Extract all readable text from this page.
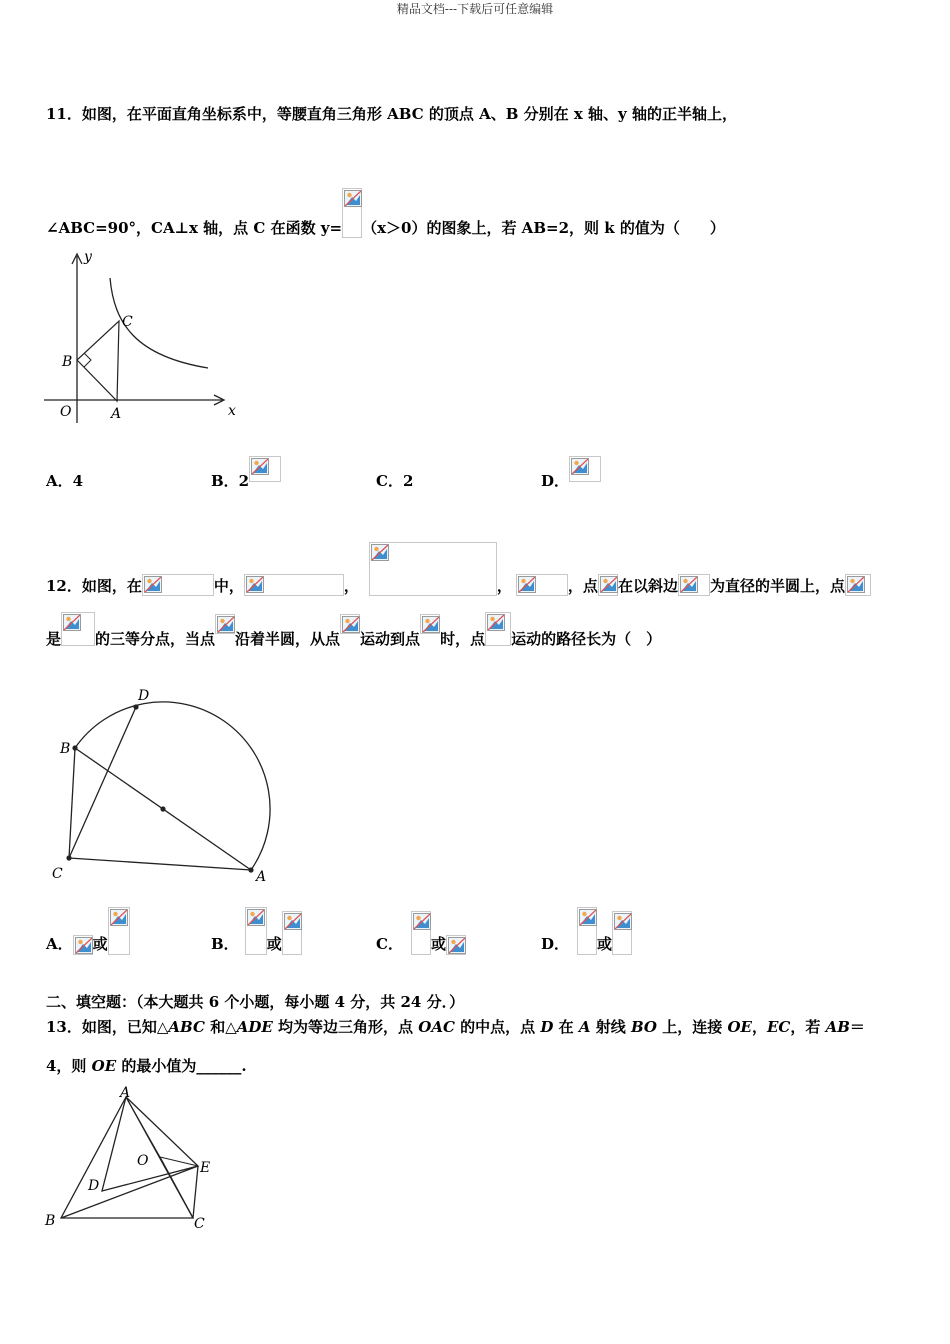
精品文档---下载后可任意编辑
11．如图，在平面直角坐标系中，等腰直角三角形 ABC 的顶点 A、B 分别在 x 轴、y 轴的正半轴上，
∠ABC=90°，CA⊥x 轴，点 C 在函数 y= （x＞0）的图象上，若 AB=2，则 k 的值为（　　）
y
x
O	A
B
C
A．4	B．2	C．2	D．
12．如图，在	中，	，	，	，点 在以斜边 为直径的半圆上，点
是 的三等分点，当点 沿着半圆，从点 运动到点 时，点 运动的路径长为（　）
D
B
C	A
A． 或	B． 或	C． 或	D． 或
二、填空题：（本大题共 6 个小题，每小题 4 分，共 24 分．）
13．如图，已知△ABC 和△ADE 均为等边三角形，点 OAC 的中点，点 D 在 A 射线 BO 上，连接 OE，EC，若 AB＝
4，则 OE 的最小值为______.
A
B	C
D
E
O
